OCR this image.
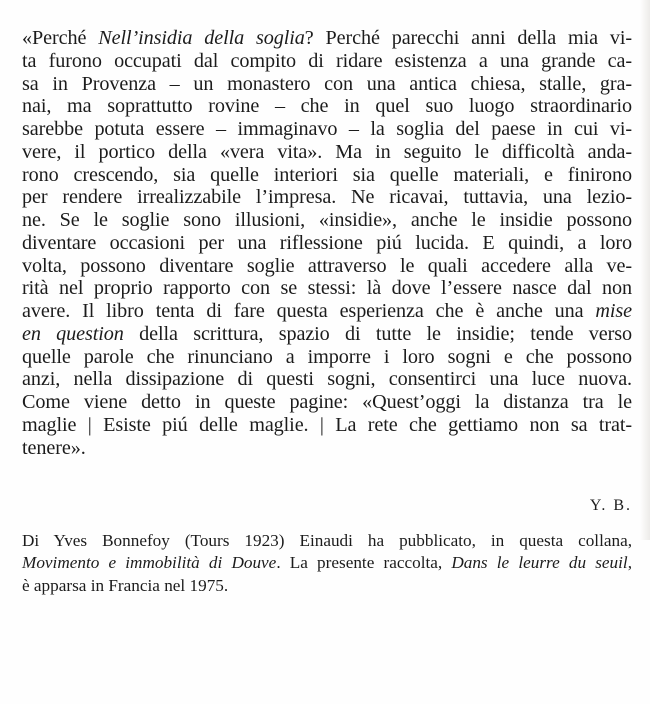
«Perché Nell’insidia della soglia? Perché parecchi anni della mia vi-
ta furono occupati dal compito di ridare esistenza a una grande ca-
sa in Provenza – un monastero con una antica chiesa, stalle, gra-
nai, ma soprattutto rovine – che in quel suo luogo straordinario
sarebbe potuta essere – immaginavo – la soglia del paese in cui vi-
vere, il portico della «vera vita». Ma in seguito le difficoltà anda-
rono crescendo, sia quelle interiori sia quelle materiali, e finirono
per rendere irrealizzabile l’impresa. Ne ricavai, tuttavia, una lezio-
ne. Se le soglie sono illusioni, «insidie», anche le insidie possono
diventare occasioni per una riflessione piú lucida. E quindi, a loro
volta, possono diventare soglie attraverso le quali accedere alla ve-
rità nel proprio rapporto con se stessi: là dove l’essere nasce dal non
avere. Il libro tenta di fare questa esperienza che è anche una mise
en question della scrittura, spazio di tutte le insidie; tende verso
quelle parole che rinunciano a imporre i loro sogni e che possono
anzi, nella dissipazione di questi sogni, consentirci una luce nuova.
Come viene detto in queste pagine: «Quest’oggi la distanza tra le
maglie | Esiste piú delle maglie. | La rete che gettiamo non sa trat-
tenere».
Y. B.
Di Yves Bonnefoy (Tours 1923) Einaudi ha pubblicato, in questa collana,
Movimento e immobilità di Douve. La presente raccolta, Dans le leurre du seuil,
è apparsa in Francia nel 1975.
